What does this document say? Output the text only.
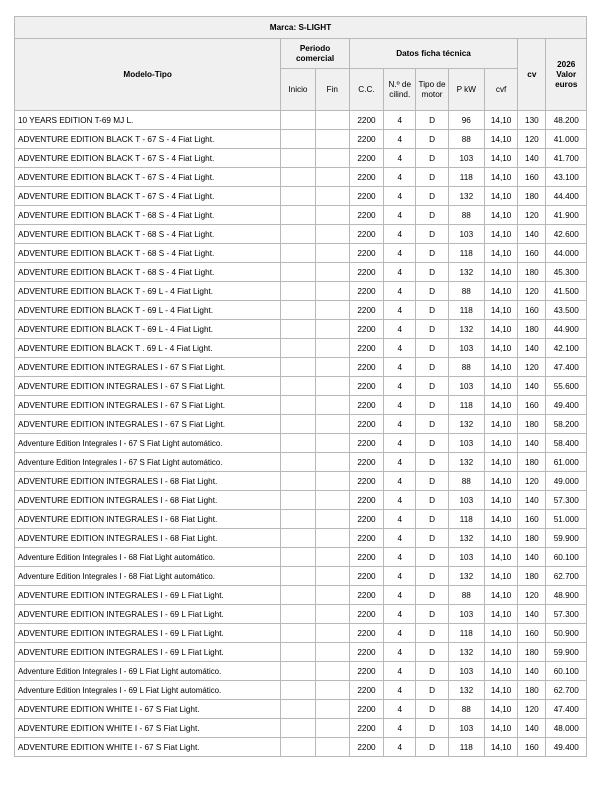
Marca: S-LIGHT									
Modelo-Tipo	Periodo comercial		Datos ficha técnica					cv	2026 Valor euros
	Inicio	Fin	C.C.	N.º de cilind.	Tipo de motor	P kW	cvf		
10 YEARS EDITION T-69 MJ L.			2200	4	D	96	14,10	130	48.200
ADVENTURE EDITION BLACK T - 67 S - 4 Fiat Light.			2200	4	D	88	14,10	120	41.000
ADVENTURE EDITION BLACK T - 67 S - 4 Fiat Light.			2200	4	D	103	14,10	140	41.700
ADVENTURE EDITION BLACK T - 67 S - 4 Fiat Light.			2200	4	D	118	14,10	160	43.100
ADVENTURE EDITION BLACK T - 67 S - 4 Fiat Light.			2200	4	D	132	14,10	180	44.400
ADVENTURE EDITION BLACK T - 68 S - 4 Fiat Light.			2200	4	D	88	14,10	120	41.900
ADVENTURE EDITION BLACK T - 68 S - 4 Fiat Light.			2200	4	D	103	14,10	140	42.600
ADVENTURE EDITION BLACK T - 68 S - 4 Fiat Light.			2200	4	D	118	14,10	160	44.000
ADVENTURE EDITION BLACK T - 68 S - 4 Fiat Light.			2200	4	D	132	14,10	180	45.300
ADVENTURE EDITION BLACK T - 69 L - 4 Fiat Light.			2200	4	D	88	14,10	120	41.500
ADVENTURE EDITION BLACK T - 69 L - 4 Fiat Light.			2200	4	D	118	14,10	160	43.500
ADVENTURE EDITION BLACK T - 69 L - 4 Fiat Light.			2200	4	D	132	14,10	180	44.900
ADVENTURE EDITION BLACK T . 69 L - 4 Fiat Light.			2200	4	D	103	14,10	140	42.100
ADVENTURE EDITION INTEGRALES I - 67 S Fiat Light.			2200	4	D	88	14,10	120	47.400
ADVENTURE EDITION INTEGRALES I - 67 S Fiat Light.			2200	4	D	103	14,10	140	55.600
ADVENTURE EDITION INTEGRALES I - 67 S Fiat Light.			2200	4	D	118	14,10	160	49.400
ADVENTURE EDITION INTEGRALES I - 67 S Fiat Light.			2200	4	D	132	14,10	180	58.200
Adventure Edition Integrales I - 67 S Fiat Light automático.			2200	4	D	103	14,10	140	58.400
Adventure Edition Integrales I - 67 S Fiat Light automático.			2200	4	D	132	14,10	180	61.000
ADVENTURE EDITION INTEGRALES I - 68 Fiat Light.			2200	4	D	88	14,10	120	49.000
ADVENTURE EDITION INTEGRALES I - 68 Fiat Light.			2200	4	D	103	14,10	140	57.300
ADVENTURE EDITION INTEGRALES I - 68 Fiat Light.			2200	4	D	118	14,10	160	51.000
ADVENTURE EDITION INTEGRALES I - 68 Fiat Light.			2200	4	D	132	14,10	180	59.900
Adventure Edition Integrales I - 68 Fiat Light automático.			2200	4	D	103	14,10	140	60.100
Adventure Edition Integrales I - 68 Fiat Light automático.			2200	4	D	132	14,10	180	62.700
ADVENTURE EDITION INTEGRALES I - 69 L Fiat Light.			2200	4	D	88	14,10	120	48.900
ADVENTURE EDITION INTEGRALES I - 69 L Fiat Light.			2200	4	D	103	14,10	140	57.300
ADVENTURE EDITION INTEGRALES I - 69 L Fiat Light.			2200	4	D	118	14,10	160	50.900
ADVENTURE EDITION INTEGRALES I - 69 L Fiat Light.			2200	4	D	132	14,10	180	59.900
Adventure Edition Integrales I - 69 L Fiat Light automático.			2200	4	D	103	14,10	140	60.100
Adventure Edition Integrales I - 69 L Fiat Light automático.			2200	4	D	132	14,10	180	62.700
ADVENTURE EDITION WHITE I - 67 S Fiat Light.			2200	4	D	88	14,10	120	47.400
ADVENTURE EDITION WHITE I - 67 S Fiat Light.			2200	4	D	103	14,10	140	48.000
ADVENTURE EDITION WHITE I - 67 S Fiat Light.			2200	4	D	118	14,10	160	49.400
